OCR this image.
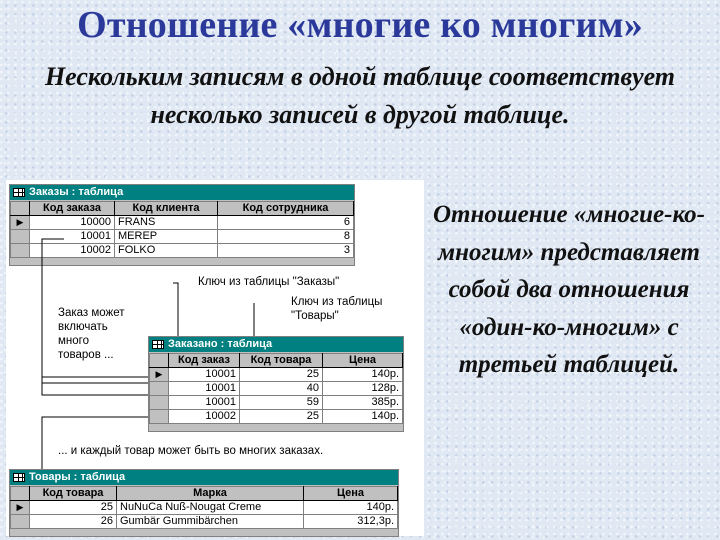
Отношение «многие ко многим»
Нескольким записям в одной таблице соответствует несколько записей в другой таблице.
Отношение «многие-ко-многим» представляет собой два отношения «один-ко-многим» с третьей таблицей.
Заказы : таблица
	Код заказа	Код клиента	Код сотрудника
▶	10000	FRANS	6
	10001	MEREP	8
	10002	FOLKO	3
Ключ из таблицы "Заказы"
Ключ из таблицы
"Товары"
Заказ может
включать
много
товаров ...
... и каждый товар может быть во многих заказах.
Заказано : таблица
	Код заказ	Код товара	Цена
▶	10001	25	140р.
	10001	40	128р.
	10001	59	385р.
	10002	25	140р.
Товары : таблица
	Код товара	Марка	Цена
▶	25	NuNuCa Nuß-Nougat Creme	140р.
	26	Gumbär Gummibärchen	312,3р.
